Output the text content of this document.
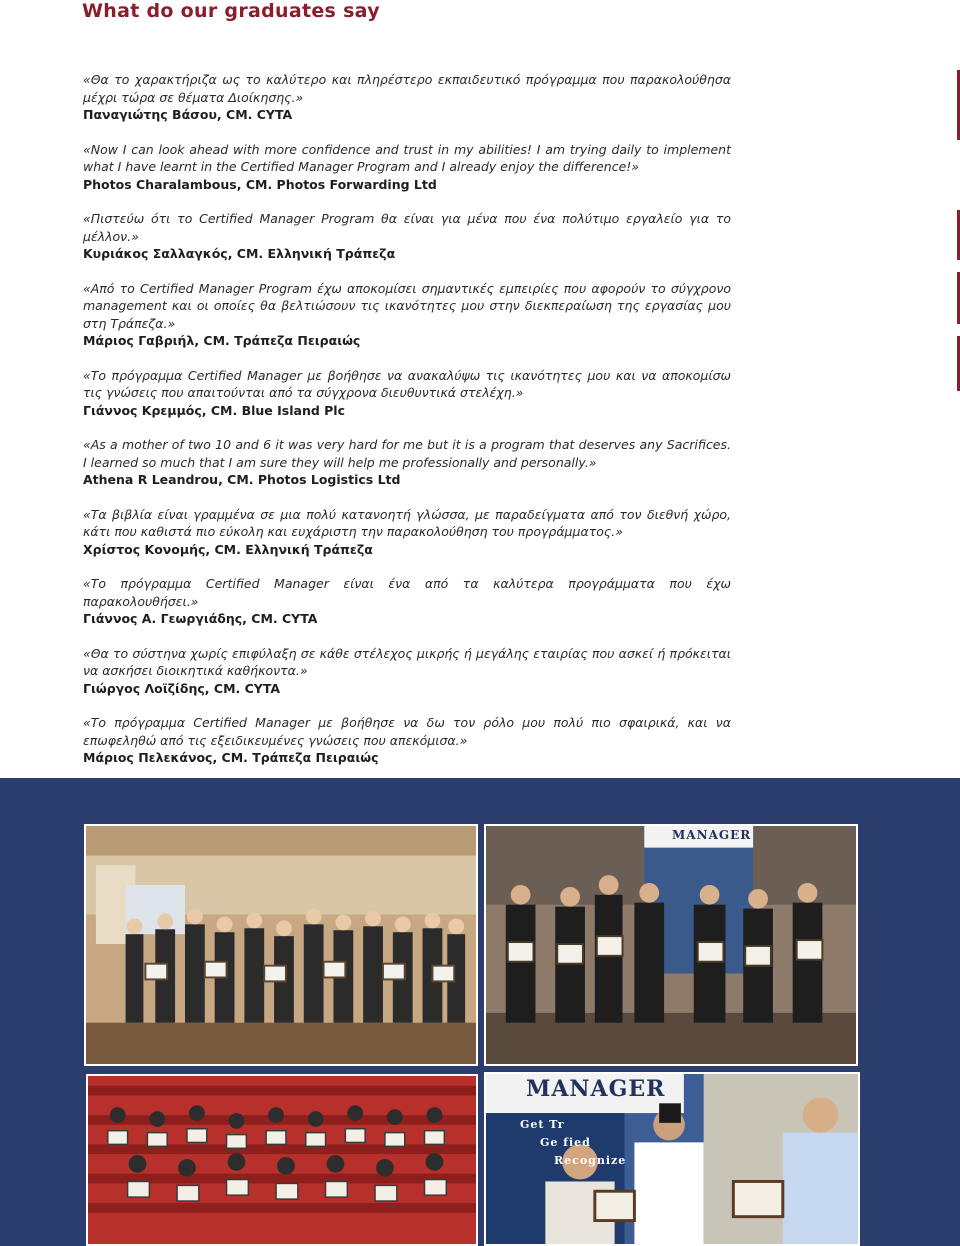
What do our graduates say

«Θα το χαρακτήριζα ως το καλύτερο και πληρέστερο εκπαιδευτικό πρόγραμμα που παρακολούθησα μέχρι τώρα σε θέματα Διοίκησης.»

Παναγιώτης Βάσου, CM. CYTA

«Now I can look ahead with more confidence and trust in my abilities! I am trying daily to implement what I have learnt in the Certified Manager Program and I already enjoy the difference!»

Photos Charalambous, CM. Photos Forwarding Ltd

«Πιστεύω ότι το Certified Manager Program θα είναι για μένα που ένα πολύτιμο εργαλείο για το μέλλον.»

Κυριάκος Σαλλαγκός, CM. Ελληνική Τράπεζα

«Από το Certified Manager Program έχω αποκομίσει σημαντικές εμπειρίες που αφορούν το σύγχρονο management και οι οποίες θα βελτιώσουν τις ικανότητες μου στην διεκπεραίωση της εργασίας μου στη Τράπεζα.»

Μάριος Γαβριήλ, CM. Τράπεζα Πειραιώς

«Το πρόγραμμα Certified Manager με βοήθησε να ανακαλύψω τις ικανότητες μου και να αποκομίσω τις γνώσεις που απαιτούνται από τα σύγχρονα διευθυντικά στελέχη.»

Γιάννος Κρεμμός, CM. Blue Island Plc

«As a mother of two 10 and 6 it was very hard for me but it is a program that deserves any Sacrifices. I learned so much that I am sure they will help me professionally and personally.»

Athena R Leandrou, CM. Photos Logistics Ltd

«Τα βιβλία είναι γραμμένα σε μια πολύ κατανοητή γλώσσα, με παραδείγματα από τον διεθνή χώρο, κάτι που καθιστά πιο εύκολη και ευχάριστη την παρακολούθηση του προγράμματος.»

Χρίστος Κονομής, CM. Ελληνική Τράπεζα

«Το πρόγραμμα Certified Manager είναι ένα από τα καλύτερα προγράμματα που έχω παρακολουθήσει.»

Γιάννος Α. Γεωργιάδης, CM. CYTA

«Θα το σύστηνα χωρίς επιφύλαξη σε κάθε στέλεχος μικρής ή μεγάλης εταιρίας που ασκεί ή πρόκειται να ασκήσει διοικητικά καθήκοντα.»

Γιώργος Λοϊζίδης, CM. CYTA

«Το πρόγραμμα Certified Manager με βοήθησε να δω τον ρόλο μου πολύ πιο σφαιρικά, και να επωφεληθώ από τις εξειδικευμένες γνώσεις που απεκόμισα.»

Μάριος Πελεκάνος, CM. Τράπεζα Πειραιώς

MANAGER
MANAGER
Get Tr
Ge fied
Recognize
